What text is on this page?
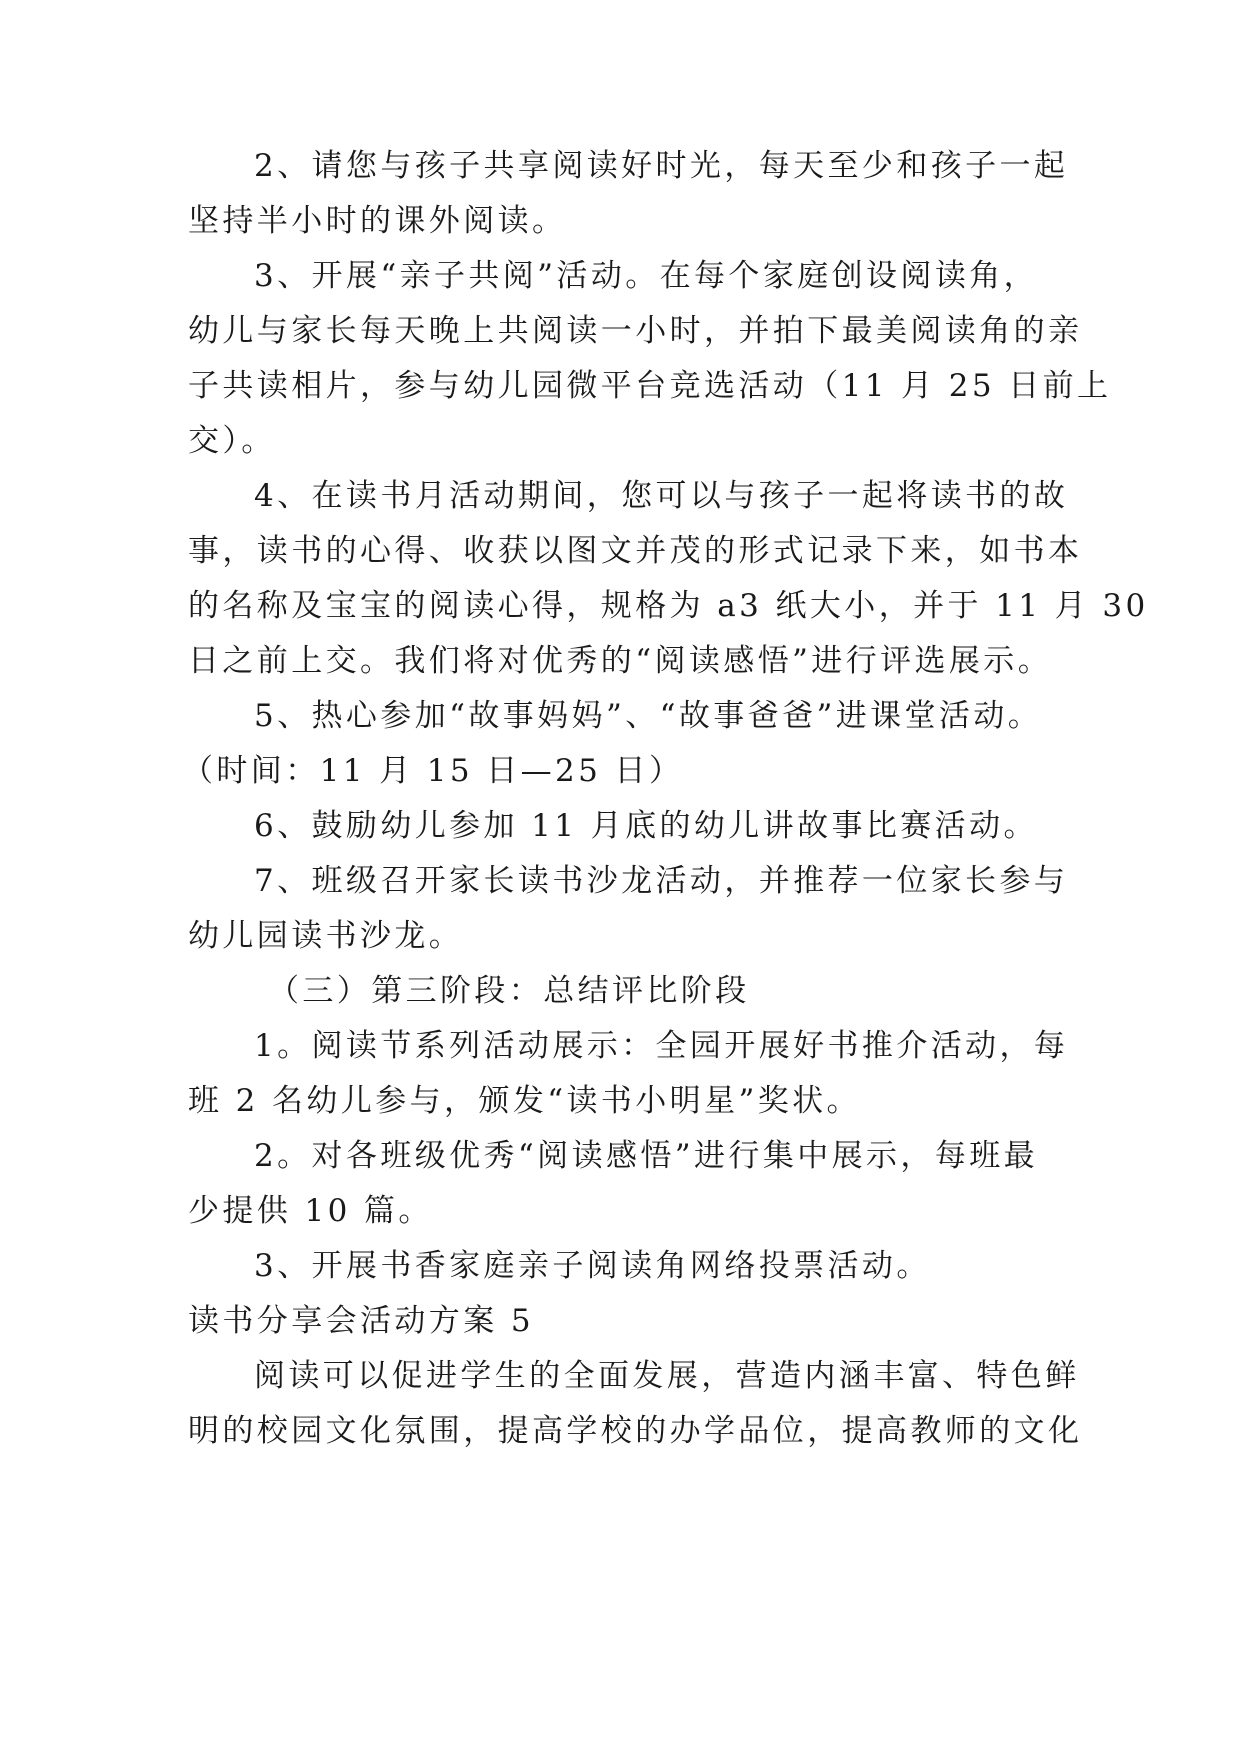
2、请您与孩子共享阅读好时光，每天至少和孩子一起
坚持半小时的课外阅读。
3、开展“亲子共阅”活动。在每个家庭创设阅读角，
幼儿与家长每天晚上共阅读一小时，并拍下最美阅读角的亲
子共读相片，参与幼儿园微平台竞选活动（11 月 25 日前上
交）。
4、在读书月活动期间，您可以与孩子一起将读书的故
事，读书的心得、收获以图文并茂的形式记录下来，如书本
的名称及宝宝的阅读心得，规格为 a3 纸大小，并于 11 月 30
日之前上交。我们将对优秀的“阅读感悟”进行评选展示。
5、热心参加“故事妈妈”、“故事爸爸”进课堂活动。
（时间：11 月 15 日—25 日）
6、鼓励幼儿参加 11 月底的幼儿讲故事比赛活动。
7、班级召开家长读书沙龙活动，并推荐一位家长参与
幼儿园读书沙龙。
（三）第三阶段：总结评比阶段
1。阅读节系列活动展示：全园开展好书推介活动，每
班 2 名幼儿参与，颁发“读书小明星”奖状。
2。对各班级优秀“阅读感悟”进行集中展示，每班最
少提供 10 篇。
3、开展书香家庭亲子阅读角网络投票活动。
读书分享会活动方案 5
阅读可以促进学生的全面发展，营造内涵丰富、特色鲜
明的校园文化氛围，提高学校的办学品位，提高教师的文化
